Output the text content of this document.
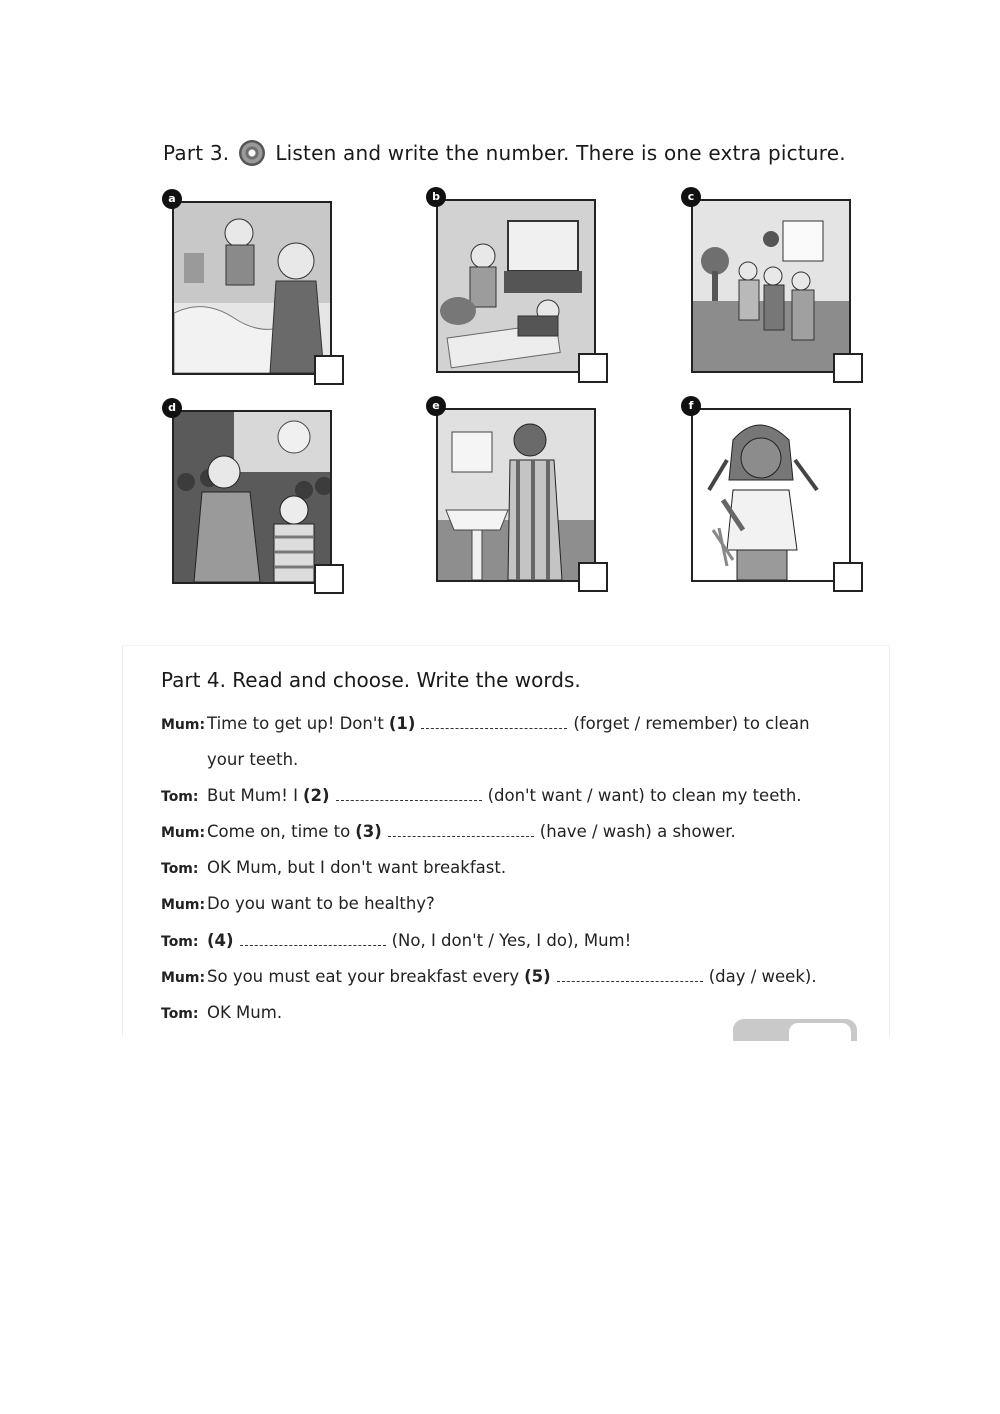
Part 3. Listen and write the number. There is one extra picture.
a	b	c
d	e	f
Part 4. Read and choose. Write the words.
Mum: Time to get up! Don't (1)	(forget / remember) to clean
your teeth.
Tom: But Mum! I (2)	(don't want / want) to clean my teeth.
Mum: Come on, time to (3)	(have / wash) a shower.
Tom: OK Mum, but I don't want breakfast.
Mum: Do you want to be healthy?
Tom: (4)	(No, I don't / Yes, I do), Mum!
Mum: So you must eat your breakfast every (5)	(day / week).
Tom: OK Mum.
